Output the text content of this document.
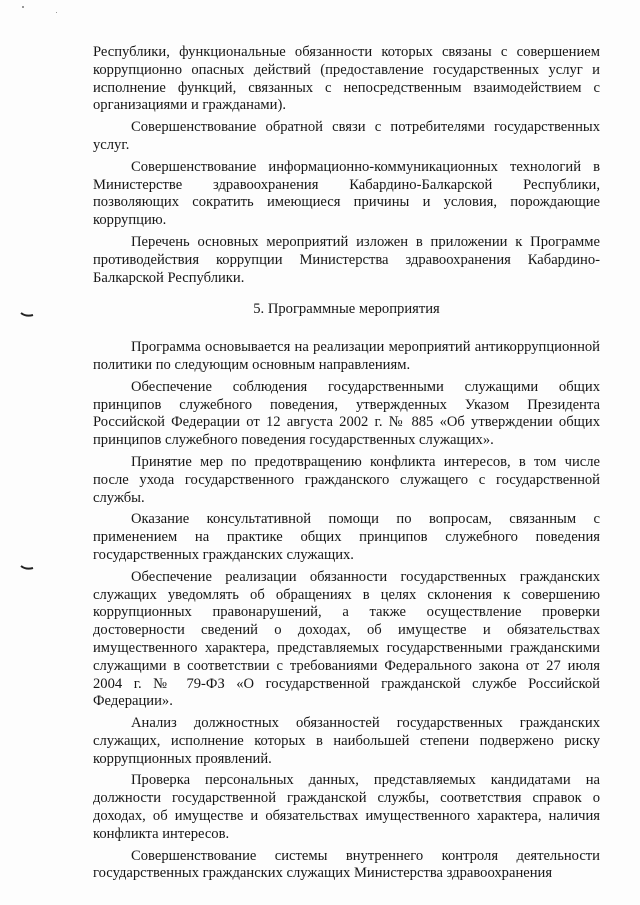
Республики, функциональные обязанности которых связаны с совершением коррупционно опасных действий (предоставление государственных услуг и исполнение функций, связанных с непосредственным взаимодействием с организациями и гражданами).

Совершенствование обратной связи с потребителями государственных услуг.

Совершенствование информационно-коммуникационных технологий в Министерстве здравоохранения Кабардино-Балкарской Республики, позволяющих сократить имеющиеся причины и условия, порождающие коррупцию.

Перечень основных мероприятий изложен в приложении к Программе противодействия коррупции Министерства здравоохранения Кабардино-Балкарской Республики.

5. Программные мероприятия

Программа основывается на реализации мероприятий антикоррупционной политики по следующим основным направлениям.

Обеспечение соблюдения государственными служащими общих принципов служебного поведения, утвержденных Указом Президента Российской Федерации от 12 августа 2002 г. № 885 «Об утверждении общих принципов служебного поведения государственных служащих».

Принятие мер по предотвращению конфликта интересов, в том числе после ухода государственного гражданского служащего с государственной службы.

Оказание консультативной помощи по вопросам, связанным с применением на практике общих принципов служебного поведения государственных гражданских служащих.

Обеспечение реализации обязанности государственных гражданских служащих уведомлять об обращениях в целях склонения к совершению коррупционных правонарушений, а также осуществление проверки достоверности сведений о доходах, об имуществе и обязательствах имущественного характера, представляемых государственными гражданскими служащими в соответствии с требованиями Федерального закона от 27 июля 2004 г. № 79-ФЗ «О государственной гражданской службе Российской Федерации».

Анализ должностных обязанностей государственных гражданских служащих, исполнение которых в наибольшей степени подвержено риску коррупционных проявлений.

Проверка персональных данных, представляемых кандидатами на должности государственной гражданской службы, соответствия справок о доходах, об имуществе и обязательствах имущественного характера, наличия конфликта интересов.

Совершенствование системы внутреннего контроля деятельности государственных гражданских служащих Министерства здравоохранения
